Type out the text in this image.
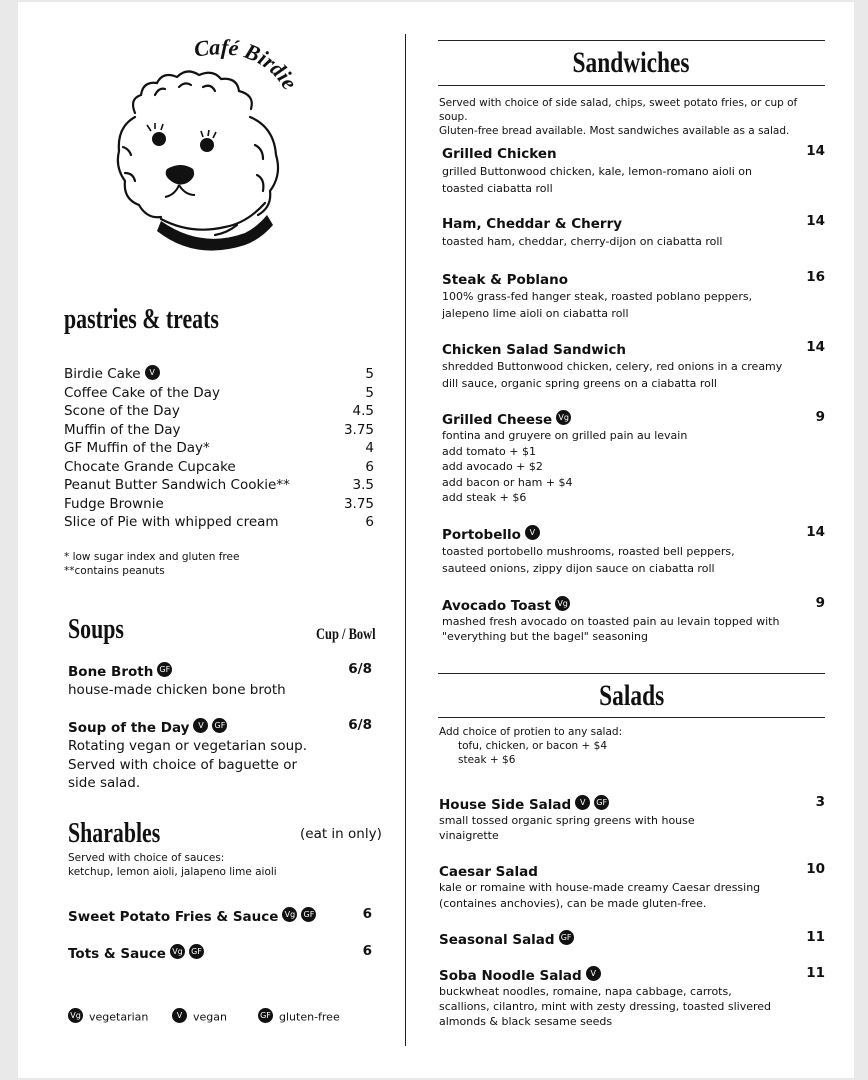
Café Birdie
pastries & treats
Birdie Cake V	5
Coffee Cake of the Day	5
Scone of the Day	4.5
Muffin of the Day	3.75
GF Muffin of the Day*	4
Chocate Grande Cupcake	6
Peanut Butter Sandwich Cookie**	3.5
Fudge Brownie	3.75
Slice of Pie with whipped cream	6
* low sugar index and gluten free
**contains peanuts
Soups	Cup / Bowl
Bone Broth GF	6/8
house-made chicken bone broth
Soup of the Day V GF	6/8
Rotating vegan or vegetarian soup. Served with choice of baguette or side salad.
Sharables	(eat in only)
Served with choice of sauces:
ketchup, lemon aioli, jalapeno lime aioli
Sweet Potato Fries & Sauce Vg GF	6
Tots & Sauce Vg GF	6
Vg vegetarian	V vegan	GF gluten-free
Sandwiches
Served with choice of side salad, chips, sweet potato fries, or cup of soup.
Gluten-free bread available. Most sandwiches available as a salad.
Grilled Chicken	14
grilled Buttonwood chicken, kale, lemon-romano aioli on
toasted ciabatta roll
Ham, Cheddar & Cherry	14
toasted ham, cheddar, cherry-dijon on ciabatta roll
Steak & Poblano	16
100% grass-fed hanger steak, roasted poblano peppers,
jalepeno lime aioli on ciabatta roll
Chicken Salad Sandwich	14
shredded Buttonwood chicken, celery, red onions in a creamy
dill sauce, organic spring greens on a ciabatta roll
Grilled Cheese Vg	9
fontina and gruyere on grilled pain au levain
add tomato + $1
add avocado + $2
add bacon or ham + $4
add steak + $6
Portobello V	14
toasted portobello mushrooms, roasted bell peppers,
sauteed onions, zippy dijon sauce on ciabatta roll
Avocado Toast Vg	9
mashed fresh avocado on toasted pain au levain topped with
"everything but the bagel" seasoning
Salads
Add choice of protien to any salad:
tofu, chicken, or bacon + $4
steak + $6
House Side Salad V GF	3
small tossed organic spring greens with house
vinaigrette
Caesar Salad	10
kale or romaine with house-made creamy Caesar dressing
(containes anchovies), can be made gluten-free.
Seasonal Salad GF	11
Soba Noodle Salad V	11
buckwheat noodles, romaine, napa cabbage, carrots,
scallions, cilantro, mint with zesty dressing, toasted slivered
almonds & black sesame seeds
